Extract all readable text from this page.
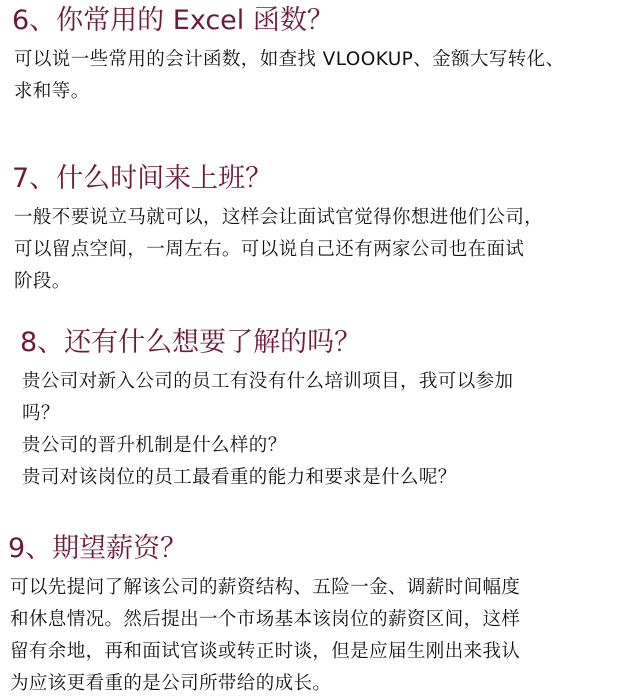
6、你常用的 Excel 函数？

可以说一些常用的会计函数，如查找 VLOOKUP、金额大写转化、

求和等。

7、什么时间来上班？

一般不要说立马就可以，这样会让面试官觉得你想进他们公司，

可以留点空间，一周左右。可以说自己还有两家公司也在面试

阶段。

8、还有什么想要了解的吗？

贵公司对新入公司的员工有没有什么培训项目，我可以参加

吗？

贵公司的晋升机制是什么样的？

贵司对该岗位的员工最看重的能力和要求是什么呢？

9、期望薪资？

可以先提问了解该公司的薪资结构、五险一金、调薪时间幅度

和休息情况。然后提出一个市场基本该岗位的薪资区间，这样

留有余地，再和面试官谈或转正时谈，但是应届生刚出来我认

为应该更看重的是公司所带给的成长。
